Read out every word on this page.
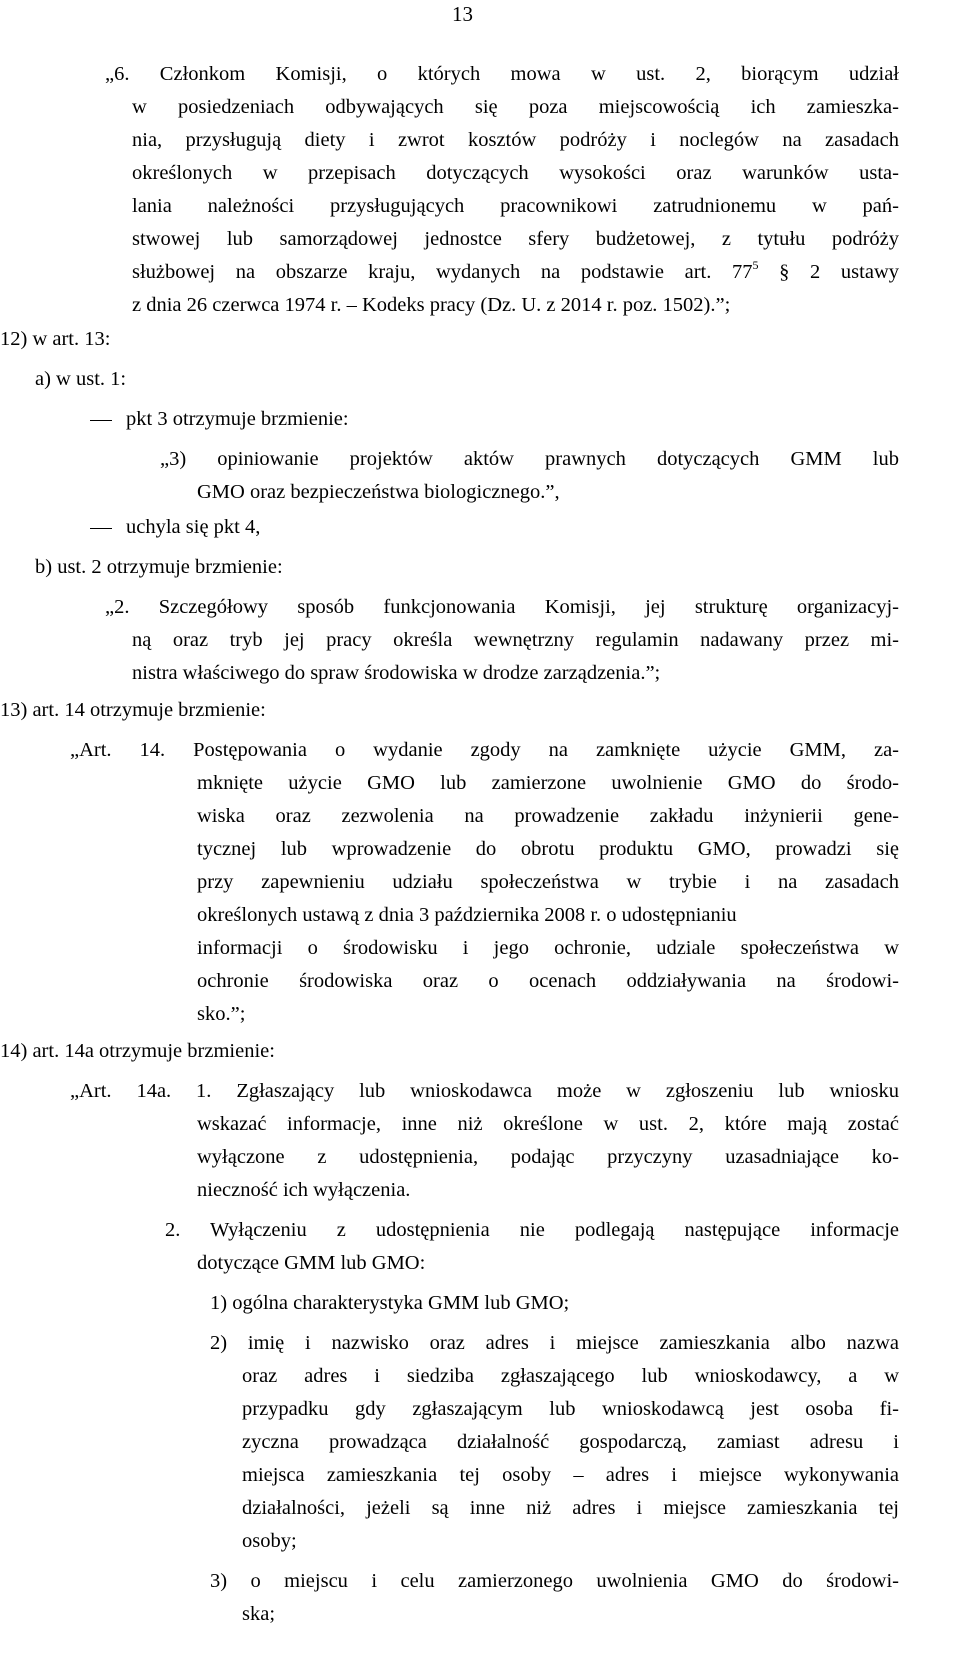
13
„6. Członkom Komisji, o których mowa w ust. 2, biorącym udział
w posiedzeniach odbywających się poza miejscowością ich zamieszka-
nia, przysługują diety i zwrot kosztów podróży i noclegów na zasadach
określonych w przepisach dotyczących wysokości oraz warunków usta-
lania należności przysługujących pracownikowi zatrudnionemu w pań-
stwowej lub samorządowej jednostce sfery budżetowej, z tytułu podróży
służbowej na obszarze kraju, wydanych na podstawie art. $77^5$ § 2 ustawy
z dnia 26 czerwca 1974 r. – Kodeks pracy (Dz. U. z 2014 r. poz. 1502).”;
12) w art. 13:
a) w ust. 1:
pkt 3 otrzymuje brzmienie:
„3) opiniowanie projektów aktów prawnych dotyczących GMM lub
GMO oraz bezpieczeństwa biologicznego.”,
uchyla się pkt 4,
b) ust. 2 otrzymuje brzmienie:
„2. Szczegółowy sposób funkcjonowania Komisji, jej strukturę organizacyj-
ną oraz tryb jej pracy określa wewnętrzny regulamin nadawany przez mi-
nistra właściwego do spraw środowiska w drodze zarządzenia.”;
13) art. 14 otrzymuje brzmienie:
„Art. 14. Postępowania o wydanie zgody na zamknięte użycie GMM, za-
mknięte użycie GMO lub zamierzone uwolnienie GMO do środo-
wiska oraz zezwolenia na prowadzenie zakładu inżynierii gene-
tycznej lub wprowadzenie do obrotu produktu GMO, prowadzi się
przy zapewnieniu udziału społeczeństwa w trybie i na zasadach
określonych ustawą z dnia 3 października 2008 r. o udostępnianiu
informacji o środowisku i jego ochronie, udziale społeczeństwa w
ochronie środowiska oraz o ocenach oddziaływania na środowi-
sko.”;
14) art. 14a otrzymuje brzmienie:
„Art. 14a. 1. Zgłaszający lub wnioskodawca może w zgłoszeniu lub wniosku
wskazać informacje, inne niż określone w ust. 2, które mają zostać
wyłączone z udostępnienia, podając przyczyny uzasadniające ko-
nieczność ich wyłączenia.
2. Wyłączeniu z udostępnienia nie podlegają następujące informacje
dotyczące GMM lub GMO:
1) ogólna charakterystyka GMM lub GMO;
2) imię i nazwisko oraz adres i miejsce zamieszkania albo nazwa
oraz adres i siedziba zgłaszającego lub wnioskodawcy, a w
przypadku gdy zgłaszającym lub wnioskodawcą jest osoba fi-
zyczna prowadząca działalność gospodarczą, zamiast adresu i
miejsca zamieszkania tej osoby – adres i miejsce wykonywania
działalności, jeżeli są inne niż adres i miejsce zamieszkania tej
osoby;
3) o miejscu i celu zamierzonego uwolnienia GMO do środowi-
ska;
